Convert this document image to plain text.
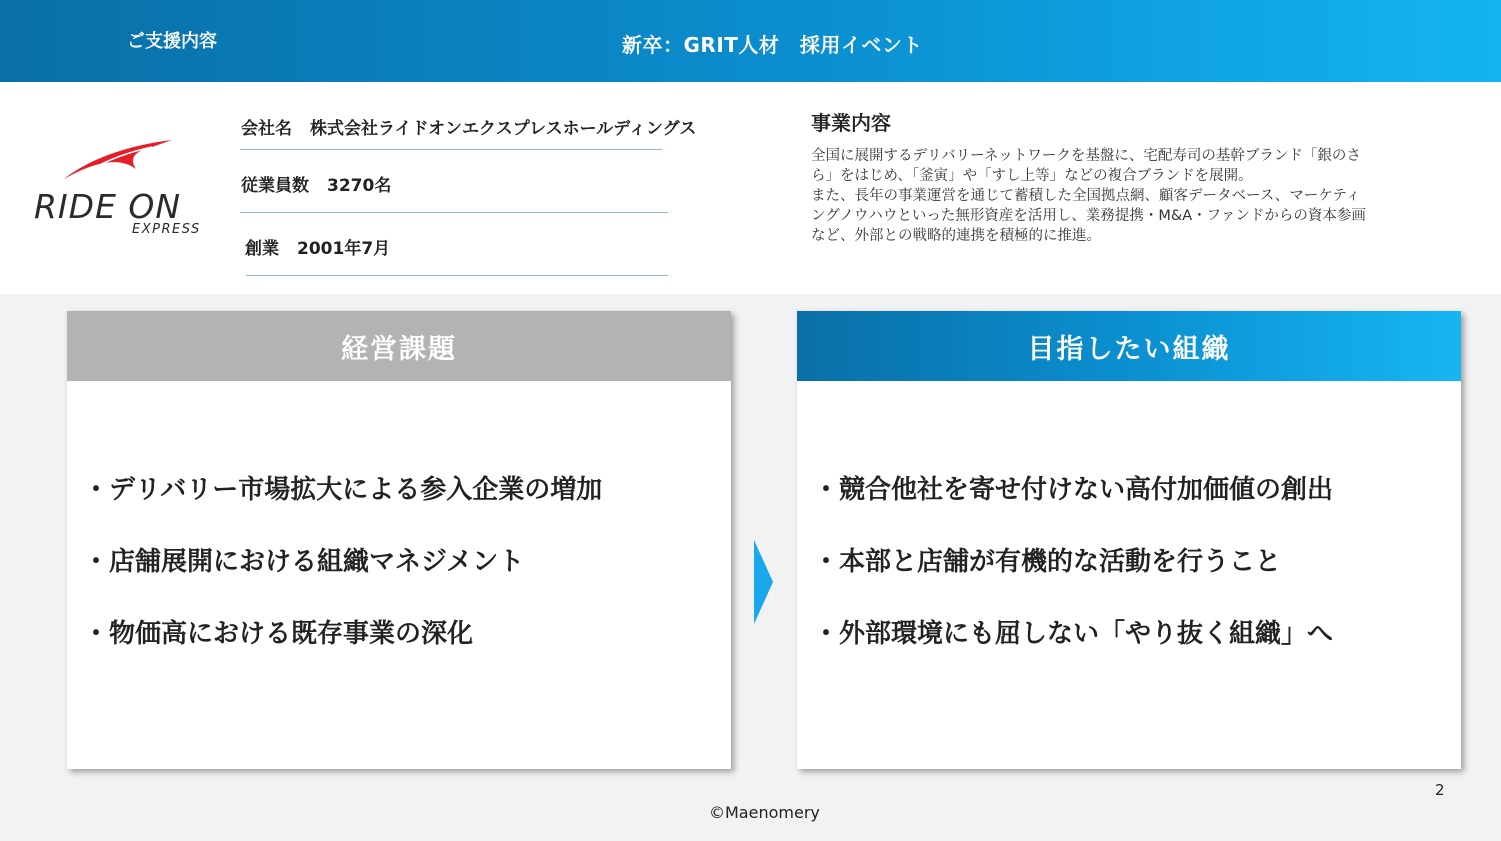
ご支援内容	新卒：GRIT人材　採用イベント
RIDE ON
EXPRESS
会社名 株式会社ライドオンエクスプレスホールディングス
従業員数 3270名
創業 2001年7月
事業内容
全国に展開するデリバリーネットワークを基盤に、宅配寿司の基幹ブランド「銀のさ
ら」をはじめ、「釜寅」や「すし上等」などの複合ブランドを展開。
また、長年の事業運営を通じて蓄積した全国拠点網、顧客データベース、マーケティ
ングノウハウといった無形資産を活用し、業務提携・M&A・ファンドからの資本参画
など、外部との戦略的連携を積極的に推進。
経営課題
・デリバリー市場拡大による参入企業の増加
・店舗展開における組織マネジメント
・物価高における既存事業の深化
目指したい組織
・競合他社を寄せ付けない高付加価値の創出
・本部と店舗が有機的な活動を行うこと
・外部環境にも屈しない「やり抜く組織」へ
2
©Maenomery
